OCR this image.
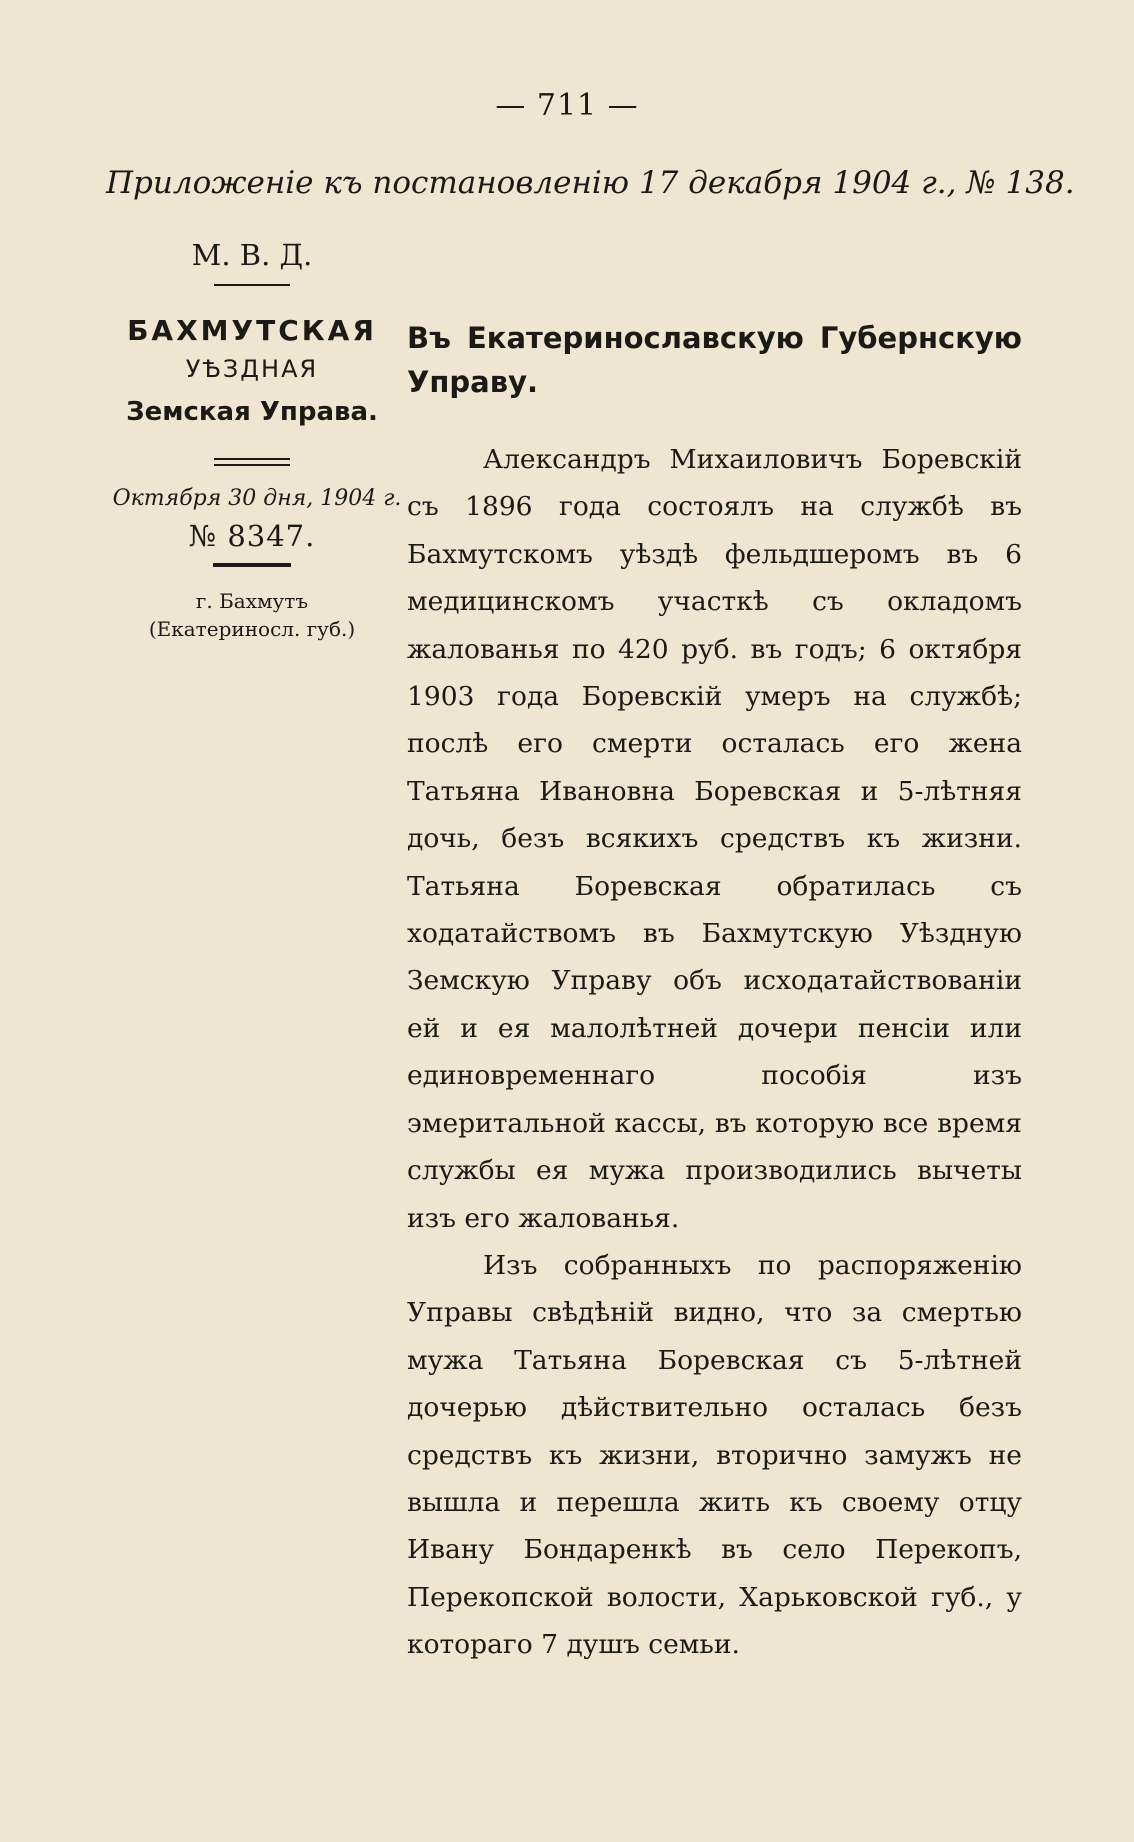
— 711 —
Приложеніе къ постановленію 17 декабря 1904 г., № 138.
М. В. Д.
БАХМУТСКАЯ
УѢЗДНАЯ
Земская Управа.
Октября 30 дня, 1904 г.
№ 8347.
г. Бахмутъ
(Екатериносл. губ.)
Въ Екатеринославскую Губернскую Управу.

Александръ Михаиловичъ Боревскій съ 1896 года состоялъ на службѣ въ Бахмутскомъ уѣздѣ фельдшеромъ въ 6 медицинскомъ участкѣ съ окладомъ жалованья по 420 руб. въ годъ; 6 октября 1903 года Боревскій умеръ на службѣ; послѣ его смерти осталась его жена Татьяна Ивановна Боревская и 5-лѣтняя дочь, безъ всякихъ средствъ къ жизни. Татьяна Боревская обратилась съ ходатайствомъ въ Бахмутскую Уѣздную Земскую Управу объ исходатайствованіи ей и ея малолѣтней дочери пенсіи или единовременнаго пособія изъ эмеритальной кассы, въ которую все время службы ея мужа производились вычеты изъ его жалованья.

Изъ собранныхъ по распоряженію Управы свѣдѣній видно, что за смертью мужа Татьяна Боревская съ 5-лѣтней дочерью дѣйствительно осталась безъ средствъ къ жизни, вторично замужъ не вышла и перешла жить къ своему отцу Ивану Бондаренкѣ въ село Перекопъ, Перекопской волости, Харьковской губ., у котораго 7 душъ семьи.
